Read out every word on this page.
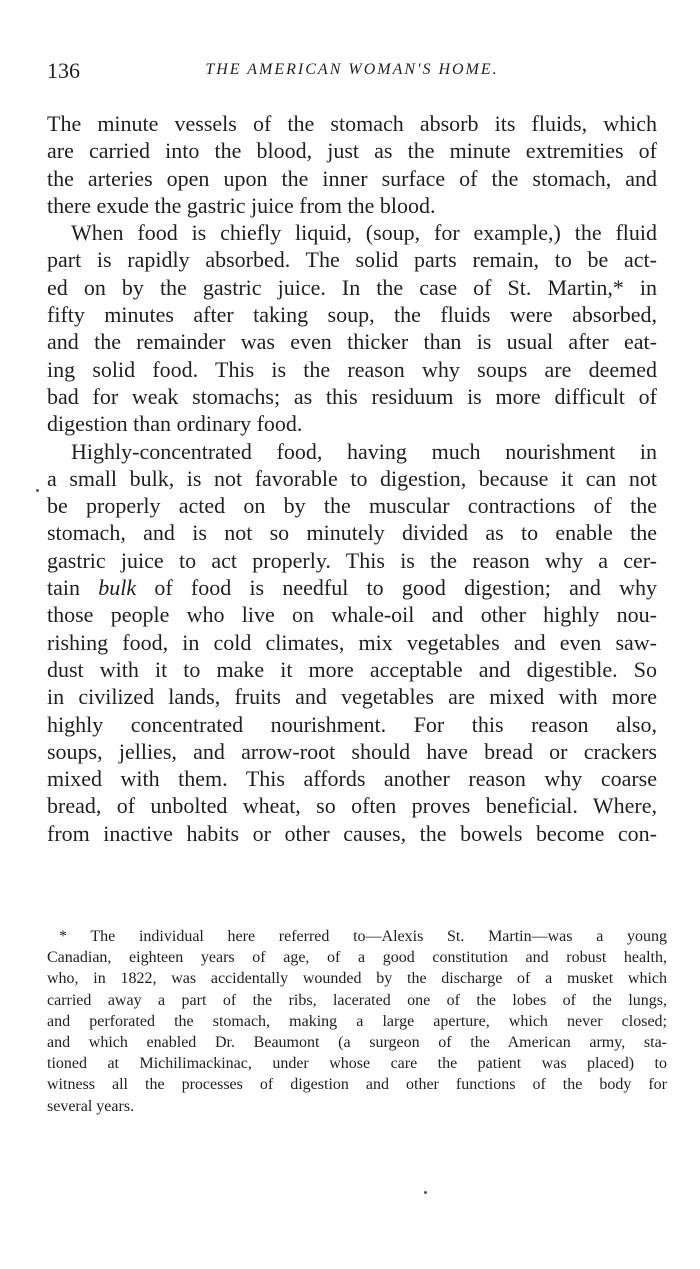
136	THE AMERICAN WOMAN'S HOME.
The minute vessels of the stomach absorb its fluids, which
are carried into the blood, just as the minute extremities of
the arteries open upon the inner surface of the stomach, and
there exude the gastric juice from the blood.
When food is chiefly liquid, (soup, for example,) the fluid
part is rapidly absorbed. The solid parts remain, to be act-
ed on by the gastric juice. In the case of St. Martin,* in
fifty minutes after taking soup, the fluids were absorbed,
and the remainder was even thicker than is usual after eat-
ing solid food. This is the reason why soups are deemed
bad for weak stomachs; as this residuum is more difficult of
digestion than ordinary food.
Highly-concentrated food, having much nourishment in
a small bulk, is not favorable to digestion, because it can not
be properly acted on by the muscular contractions of the
stomach, and is not so minutely divided as to enable the
gastric juice to act properly. This is the reason why a cer-
tain bulk of food is needful to good digestion; and why
those people who live on whale-oil and other highly nou-
rishing food, in cold climates, mix vegetables and even saw-
dust with it to make it more acceptable and digestible. So
in civilized lands, fruits and vegetables are mixed with more
highly concentrated nourishment. For this reason also,
soups, jellies, and arrow-root should have bread or crackers
mixed with them. This affords another reason why coarse
bread, of unbolted wheat, so often proves beneficial. Where,
from inactive habits or other causes, the bowels become con-
* The individual here referred to—Alexis St. Martin—was a young
Canadian, eighteen years of age, of a good constitution and robust health,
who, in 1822, was accidentally wounded by the discharge of a musket which
carried away a part of the ribs, lacerated one of the lobes of the lungs,
and perforated the stomach, making a large aperture, which never closed;
and which enabled Dr. Beaumont (a surgeon of the American army, sta-
tioned at Michilimackinac, under whose care the patient was placed) to
witness all the processes of digestion and other functions of the body for
several years.
